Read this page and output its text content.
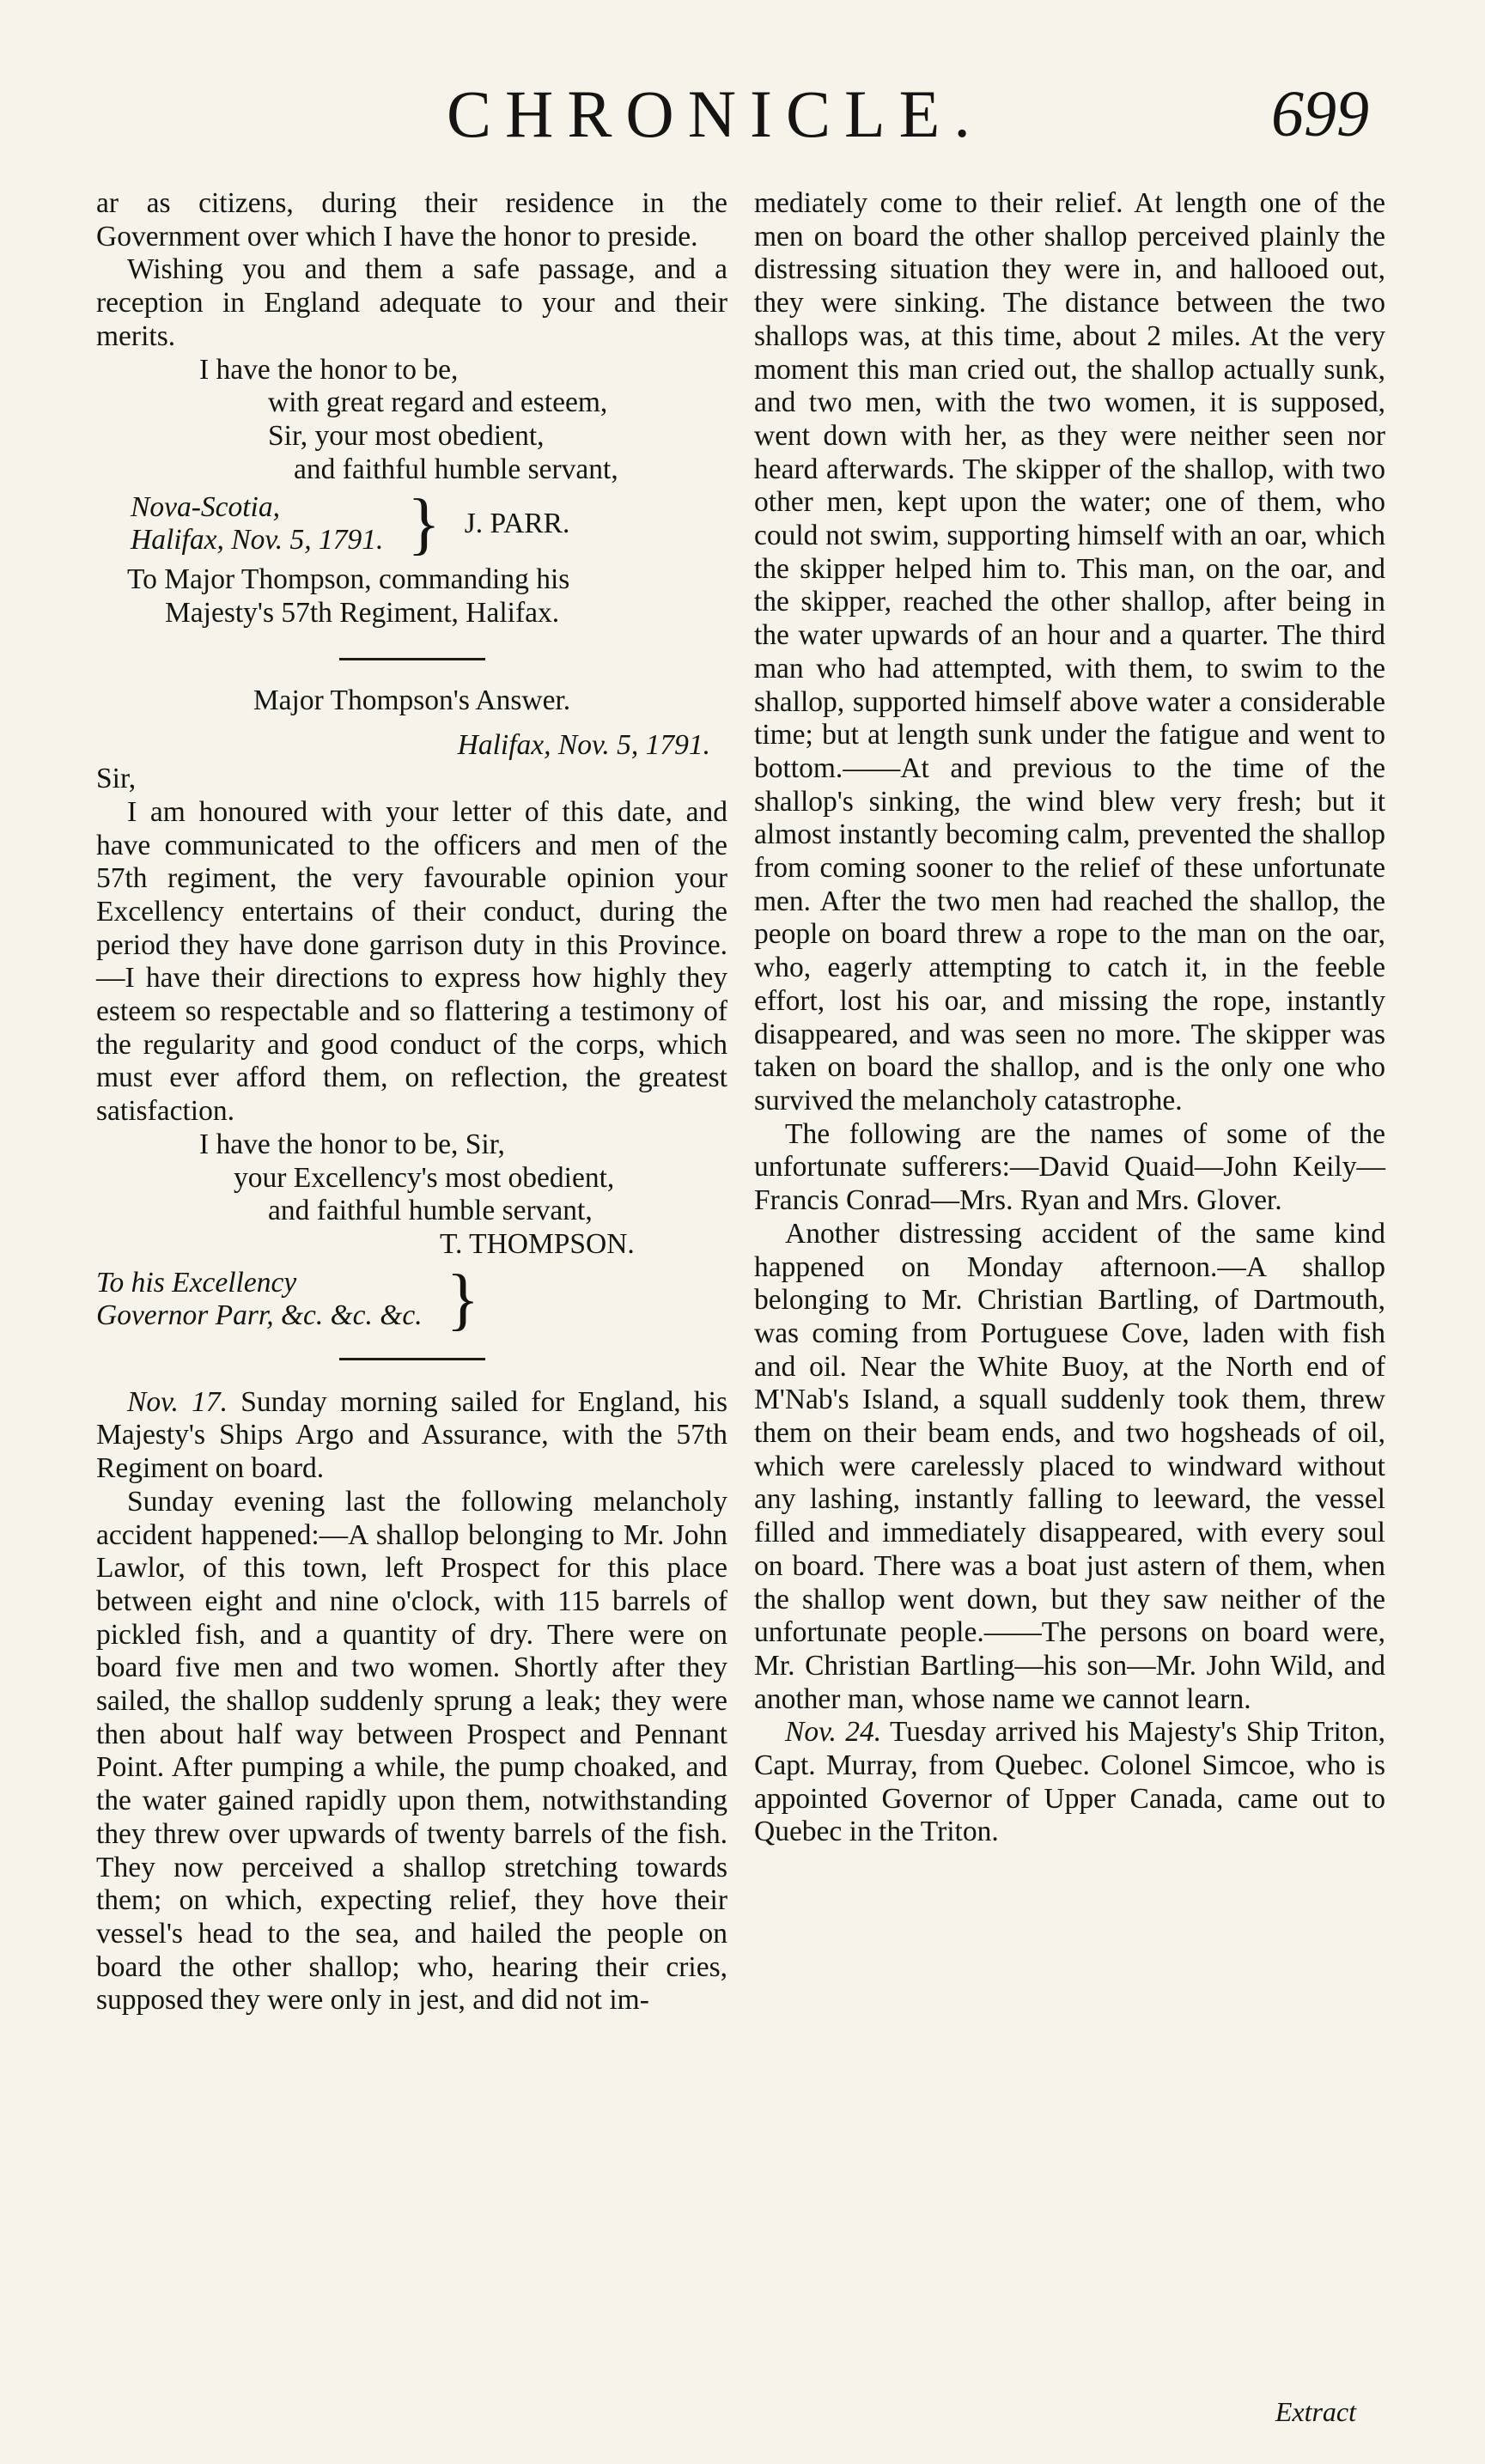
CHRONICLE.	699

ar as citizens, during their residence in the Government over which I have the honor to preside.

Wishing you and them a safe passage, and a reception in England adequate to your and their merits.

I have the honor to be,

with great regard and esteem,

Sir, your most obedient,

and faithful humble servant,

Nova-Scotia,
Halifax, Nov. 5, 1791. } J. PARR.

To Major Thompson, commanding his

Majesty's 57th Regiment, Halifax.

Major Thompson's Answer.

Halifax, Nov. 5, 1791.

Sir,

I am honoured with your letter of this date, and have communicated to the officers and men of the 57th regiment, the very favourable opinion your Excellency entertains of their conduct, during the period they have done garrison duty in this Province.—I have their directions to express how highly they esteem so respectable and so flattering a testimony of the regularity and good conduct of the corps, which must ever afford them, on reflection, the greatest satisfaction.

I have the honor to be, Sir,

your Excellency's most obedient,

and faithful humble servant,

T. THOMPSON.

To his Excellency
Governor Parr, &c. &c. &c. }

Nov. 17. Sunday morning sailed for England, his Majesty's Ships Argo and Assurance, with the 57th Regiment on board.

Sunday evening last the following melancholy accident happened:—A shallop belonging to Mr. John Lawlor, of this town, left Prospect for this place between eight and nine o'clock, with 115 barrels of pickled fish, and a quantity of dry. There were on board five men and two women. Shortly after they sailed, the shallop suddenly sprung a leak; they were then about half way between Prospect and Pennant Point. After pumping a while, the pump choaked, and the water gained rapidly upon them, notwithstanding they threw over upwards of twenty barrels of the fish. They now perceived a shallop stretching towards them; on which, expecting relief, they hove their vessel's head to the sea, and hailed the people on board the other shallop; who, hearing their cries, supposed they were only in jest, and did not im-

mediately come to their relief. At length one of the men on board the other shallop perceived plainly the distressing situation they were in, and hallooed out, they were sinking. The distance between the two shallops was, at this time, about 2 miles. At the very moment this man cried out, the shallop actually sunk, and two men, with the two women, it is supposed, went down with her, as they were neither seen nor heard afterwards. The skipper of the shallop, with two other men, kept upon the water; one of them, who could not swim, supporting himself with an oar, which the skipper helped him to. This man, on the oar, and the skipper, reached the other shallop, after being in the water upwards of an hour and a quarter. The third man who had attempted, with them, to swim to the shallop, supported himself above water a considerable time; but at length sunk under the fatigue and went to bottom.——At and previous to the time of the shallop's sinking, the wind blew very fresh; but it almost instantly becoming calm, prevented the shallop from coming sooner to the relief of these unfortunate men. After the two men had reached the shallop, the people on board threw a rope to the man on the oar, who, eagerly attempting to catch it, in the feeble effort, lost his oar, and missing the rope, instantly disappeared, and was seen no more. The skipper was taken on board the shallop, and is the only one who survived the melancholy catastrophe.

The following are the names of some of the unfortunate sufferers:—David Quaid—John Keily—Francis Conrad—Mrs. Ryan and Mrs. Glover.

Another distressing accident of the same kind happened on Monday afternoon.—A shallop belonging to Mr. Christian Bartling, of Dartmouth, was coming from Portuguese Cove, laden with fish and oil. Near the White Buoy, at the North end of M'Nab's Island, a squall suddenly took them, threw them on their beam ends, and two hogsheads of oil, which were carelessly placed to windward without any lashing, instantly falling to leeward, the vessel filled and immediately disappeared, with every soul on board. There was a boat just astern of them, when the shallop went down, but they saw neither of the unfortunate people.——The persons on board were, Mr. Christian Bartling—his son—Mr. John Wild, and another man, whose name we cannot learn.

Nov. 24. Tuesday arrived his Majesty's Ship Triton, Capt. Murray, from Quebec. Colonel Simcoe, who is appointed Governor of Upper Canada, came out to Quebec in the Triton.

Extract
